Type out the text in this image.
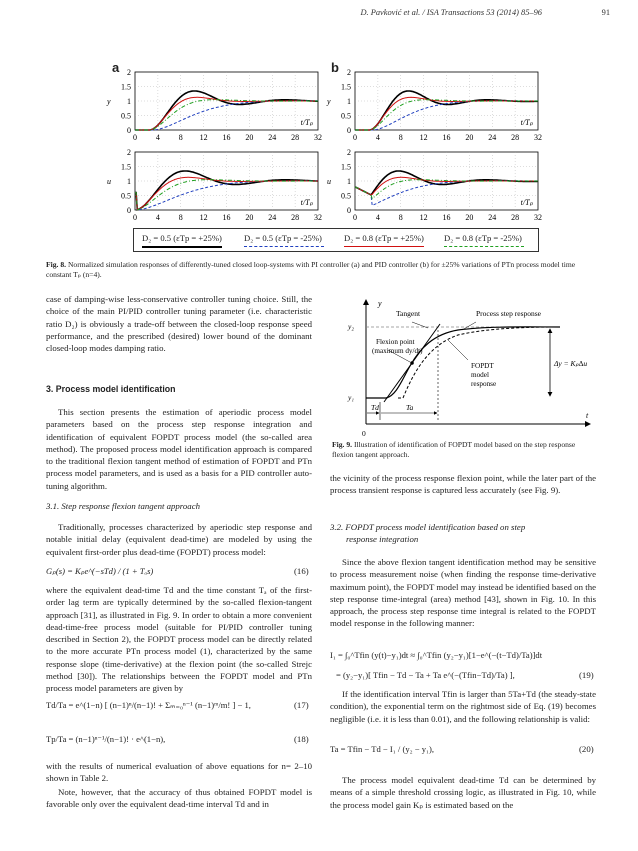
D. Pavković et al. / ISA Transactions 53 (2014) 85–96	91
a	b
0
0.5
1
1.5
2
0 4 8 12 16 20 24 28 32
y
t/Tₚ
0
0.5
1
1.5
2
0 4 8 12 16 20 24 28 32
y
t/Tₚ
0
0.5
1
1.5
2
0 4 8 12 16 20 24 28 32
u
t/Tₚ
0
0.5
1
1.5
2
0 4 8 12 16 20 24 28 32
u
t/Tₚ
D₂ = 0.5 (εTp = +25%)	D₂ = 0.5 (εTp = -25%)	D₂ = 0.8 (εTp = +25%) D₂ = 0.8 (εTp = -25%)
Fig. 8. Normalized simulation responses of differently-tuned closed loop-systems with PI controller (a) and PID controller (b) for ±25% variations of PTn process model time constant Tₚ (n=4).
y
t
0
y₂
y₁
Tangent	Process step response
Flexion point
(maximum dy/dt)
FOPDT
model
response
Δy = Kₚ∆u
Td	Ta
Fig. 9. Illustration of identification of FOPDT model based on the step response flexion tangent approach.

case of damping-wise less-conservative controller tuning choice. Still, the choice of the main PI/PID controller tuning parameter (i.e. characteristic ratio D₂) is obviously a trade-off between the closed-loop response speed performance, and the prescribed (desired) lower bound of the dominant closed-loop modes damping ratio.

3. Process model identification

This section presents the estimation of aperiodic process model parameters based on the process step response integration and identification of equivalent FOPDT process model (the so-called area method). The proposed process model identification approach is compared to the traditional flexion tangent method of estimation of FOPDT and PTn process model parameters, and is used as a basis for a PID controller auto-tuning algorithm.

3.1. Step response flexion tangent approach

Traditionally, processes characterized by aperiodic step response and notable initial delay (equivalent dead-time) are modeled by using the equivalent first-order plus dead-time (FOPDT) process model:

Gₚ(s) = Kₚe^(−sTd) / (1 + Tₐs)	(16)

where the equivalent dead-time Td and the time constant Tₐ of the first-order lag term are typically determined by the so-called flexion-tangent approach [31], as illustrated in Fig. 9. In order to obtain a more convenient dead-time-free process model (suitable for PI/PID controller tuning described in Section 2), the FOPDT process model can be directly related to the more accurate PTn process model (1), characterized by the same response slope (time-derivative) at the flexion point (the so-called Strejc method [30]). The relationships between the FOPDT model and PTn process model parameters are given by

Td/Ta = e^(1−n) [ (n−1)ⁿ/(n−1)! + Σₘ₌₀ⁿ⁻¹ (n−1)ᵐ/m! ] − 1,	(17)
Tp/Ta = (n−1)ⁿ⁻¹/(n−1)! · e^(1−n),	(18)

with the results of numerical evaluation of above equations for n= 2–10 shown in Table 2.

Note, however, that the accuracy of thus obtained FOPDT model is favorable only over the equivalent dead-time interval Td and in

the vicinity of the process response flexion point, while the later part of the process transient response is captured less accurately (see Fig. 9).

3.2. FOPDT process model identification based on step
response integration

Since the above flexion tangent identification method may be sensitive to process measurement noise (when finding the response time-derivative maximum point), the FOPDT model may instead be identified based on the step response time-integral (area) method [43], shown in Fig. 10. In this approach, the process step response time integral is related to the FOPDT model response in the following manner:

I₁ = ∫₀^Tfin (y(t)−y₁)dt ≈ ∫₀^Tfin (y₂−y₁)[1−e^(−(t−Td)/Ta)]dt
= (y₂−y₁)[ Tfin − Td − Ta + Ta e^(−(Tfin−Td)/Ta) ],	(19)

If the identification interval Tfin is larger than 5Ta+Td (the steady-state condition), the exponential term on the rightmost side of Eq. (19) becomes negligible (i.e. it is less than 0.01), and the following relationship is valid:

Ta = Tfin − Td − I₁ / (y₂ − y₁),	(20)

The process model equivalent dead-time Td can be determined by means of a simple threshold crossing logic, as illustrated in Fig. 10, while the process model gain Kₚ is estimated based on the
